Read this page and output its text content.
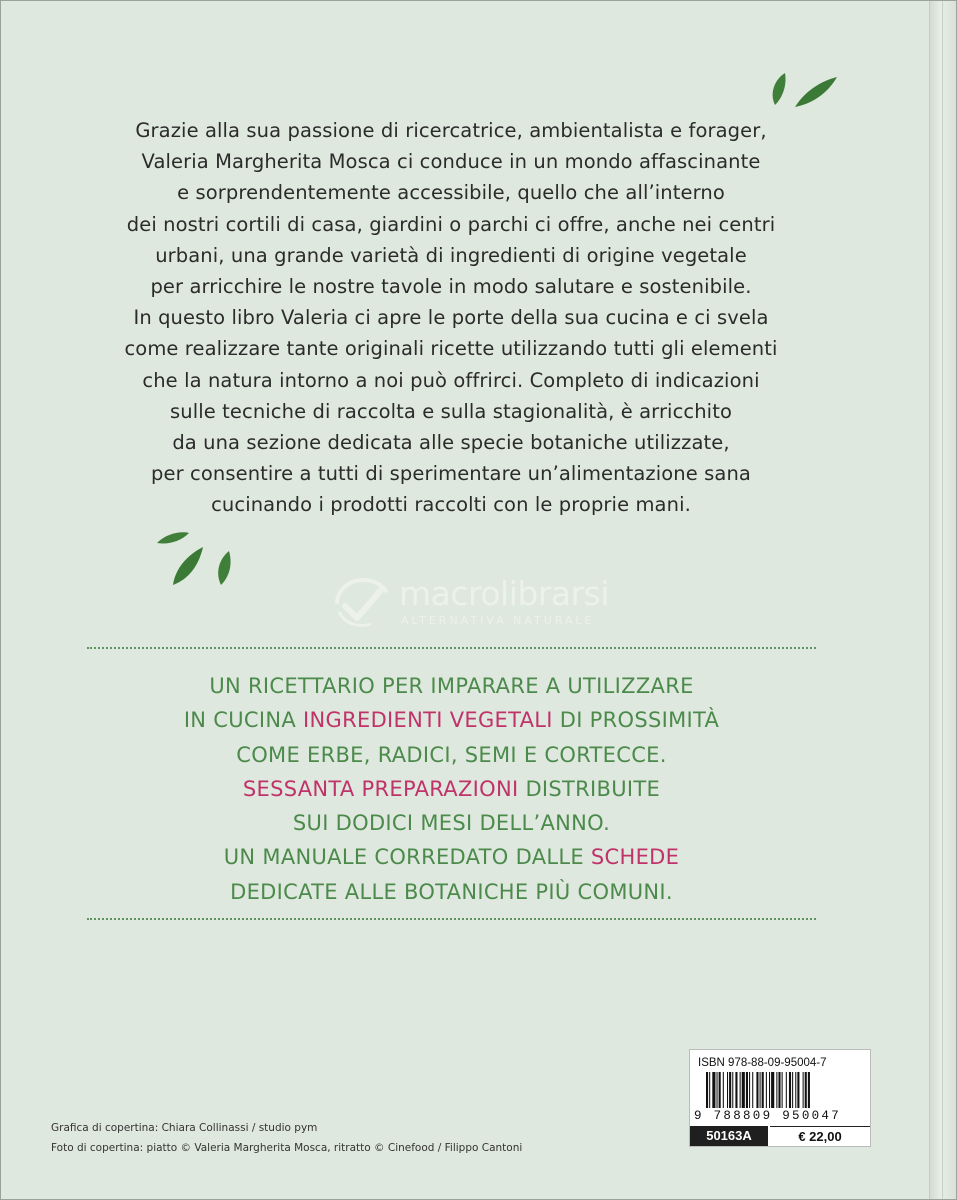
Grazie alla sua passione di ricercatrice, ambientalista e forager,
Valeria Margherita Mosca ci conduce in un mondo affascinante
e sorprendentemente accessibile, quello che all’interno
dei nostri cortili di casa, giardini o parchi ci offre, anche nei centri
urbani, una grande varietà di ingredienti di origine vegetale
per arricchire le nostre tavole in modo salutare e sostenibile.
In questo libro Valeria ci apre le porte della sua cucina e ci svela
come realizzare tante originali ricette utilizzando tutti gli elementi
che la natura intorno a noi può offrirci. Completo di indicazioni
sulle tecniche di raccolta e sulla stagionalità, è arricchito
da una sezione dedicata alle specie botaniche utilizzate,
per consentire a tutti di sperimentare un’alimentazione sana
cucinando i prodotti raccolti con le proprie mani.
macrolibrarsi
ALTERNATIVA NATURALE
UN RICETTARIO PER IMPARARE A UTILIZZARE
IN CUCINA INGREDIENTI VEGETALI DI PROSSIMITÀ
COME ERBE, RADICI, SEMI E CORTECCE.
SESSANTA PREPARAZIONI DISTRIBUITE
SUI DODICI MESI DELL’ANNO.
UN MANUALE CORREDATO DALLE SCHEDE
DEDICATE ALLE BOTANICHE PIÙ COMUNI.
Grafica di copertina: Chiara Collinassi / studio pym
Foto di copertina: piatto © Valeria Margherita Mosca, ritratto © Cinefood / Filippo Cantoni
ISBN 978-88-09-95004-7
9 788809 950047
50163A	€ 22,00
